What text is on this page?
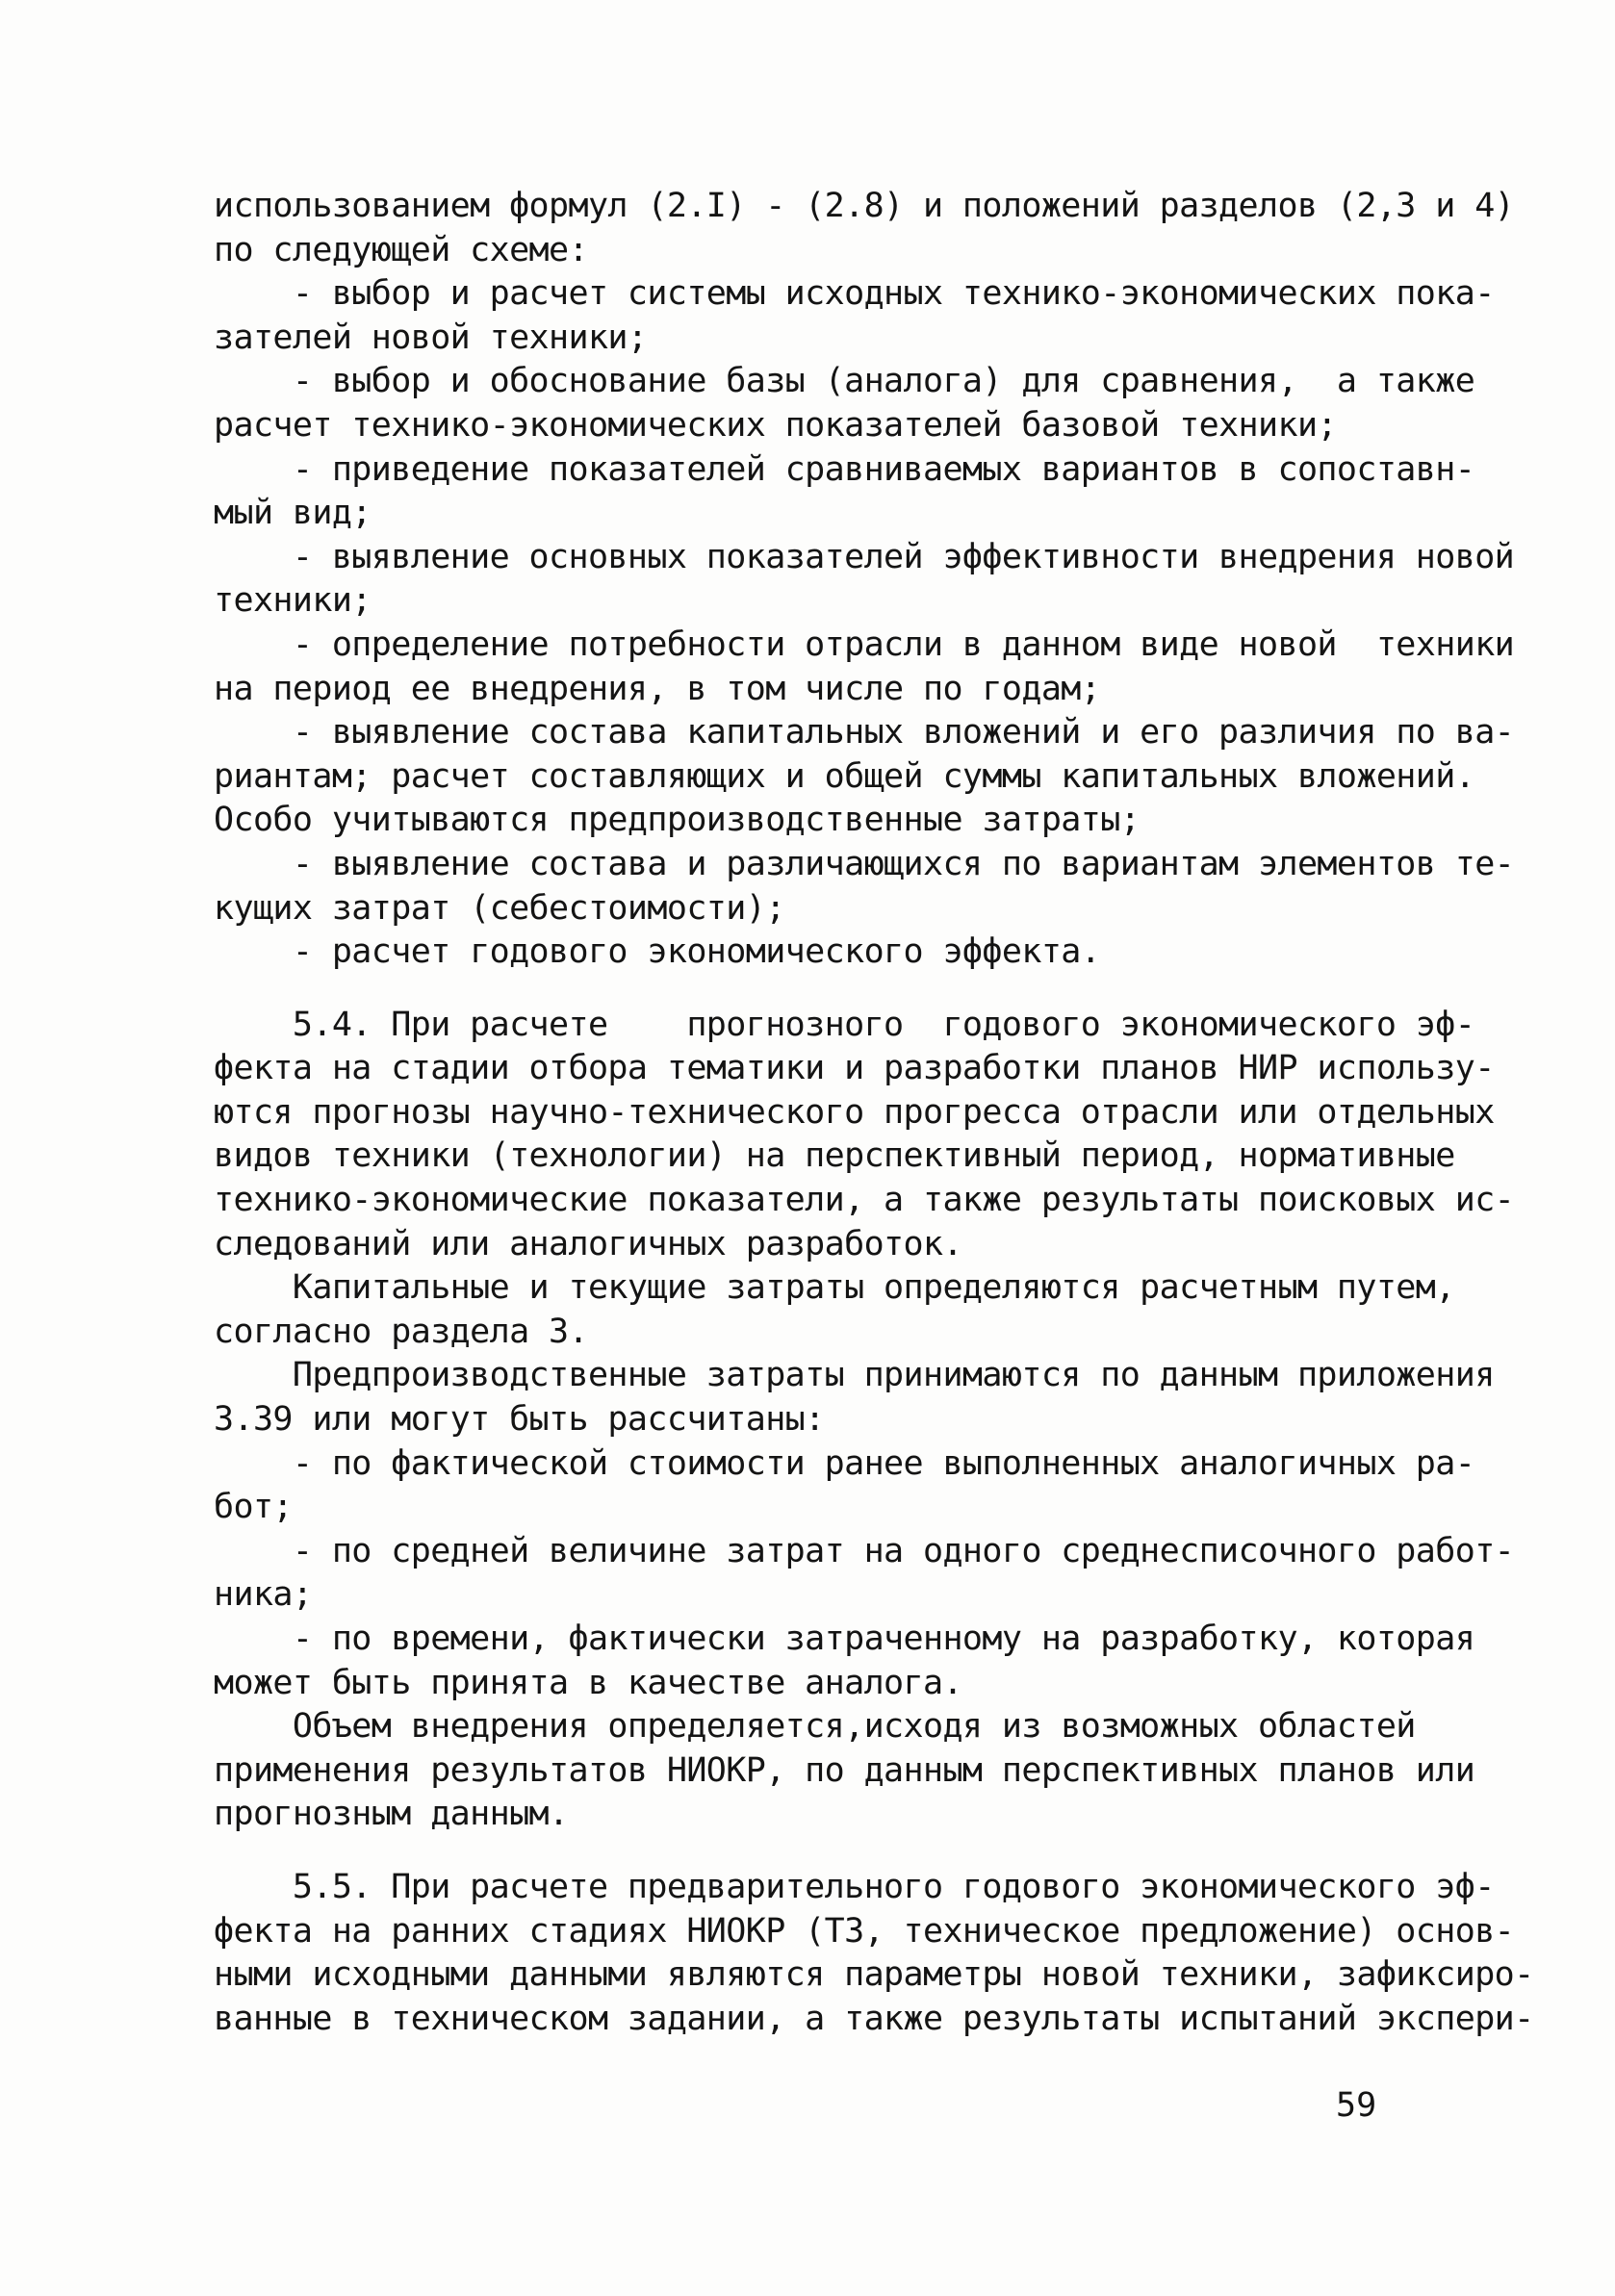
использованием формул (2.I) - (2.8) и положений разделов (2,3 и 4)
по следующей схеме:
- выбор и расчет системы исходных технико-экономических пока-
зателей новой техники;
- выбор и обоснование базы (аналога) для сравнения,  а также
расчет технико-экономических показателей базовой техники;
- приведение показателей сравниваемых вариантов в сопоставн-
мый вид;
- выявление основных показателей эффективности внедрения новой
техники;
- определение потребности отрасли в данном виде новой  техники
на период ее внедрения, в том числе по годам;
- выявление состава капитальных вложений и его различия по ва-
риантам; расчет составляющих и общей суммы капитальных вложений.
Особо учитываются предпроизводственные затраты;
- выявление состава и различающихся по вариантам элементов те-
кущих затрат (себестоимости);
- расчет годового экономического эффекта.
5.4. При расчете    прогнозного  годового экономического эф-
фекта на стадии отбора тематики и разработки планов НИР использу-
ются прогнозы научно-технического прогресса отрасли или отдельных
видов техники (технологии) на перспективный период, нормативные
технико-экономические показатели, а также результаты поисковых ис-
следований или аналогичных разработок.
Капитальные и текущие затраты определяются расчетным путем,
согласно раздела 3.
Предпроизводственные затраты принимаются по данным приложения
3.39 или могут быть рассчитаны:
- по фактической стоимости ранее выполненных аналогичных ра-
бот;
- по средней величине затрат на одного среднесписочного работ-
ника;
- по времени, фактически затраченному на разработку, которая
может быть принята в качестве аналога.
Объем внедрения определяется,исходя из возможных областей
применения результатов НИОКР, по данным перспективных планов или
прогнозным данным.
5.5. При расчете предварительного годового экономического эф-
фекта на ранних стадиях НИОКР (ТЗ, техническое предложение) основ-
ными исходными данными являются параметры новой техники, зафиксиро-
ванные в техническом задании, а также результаты испытаний экспери-
59
